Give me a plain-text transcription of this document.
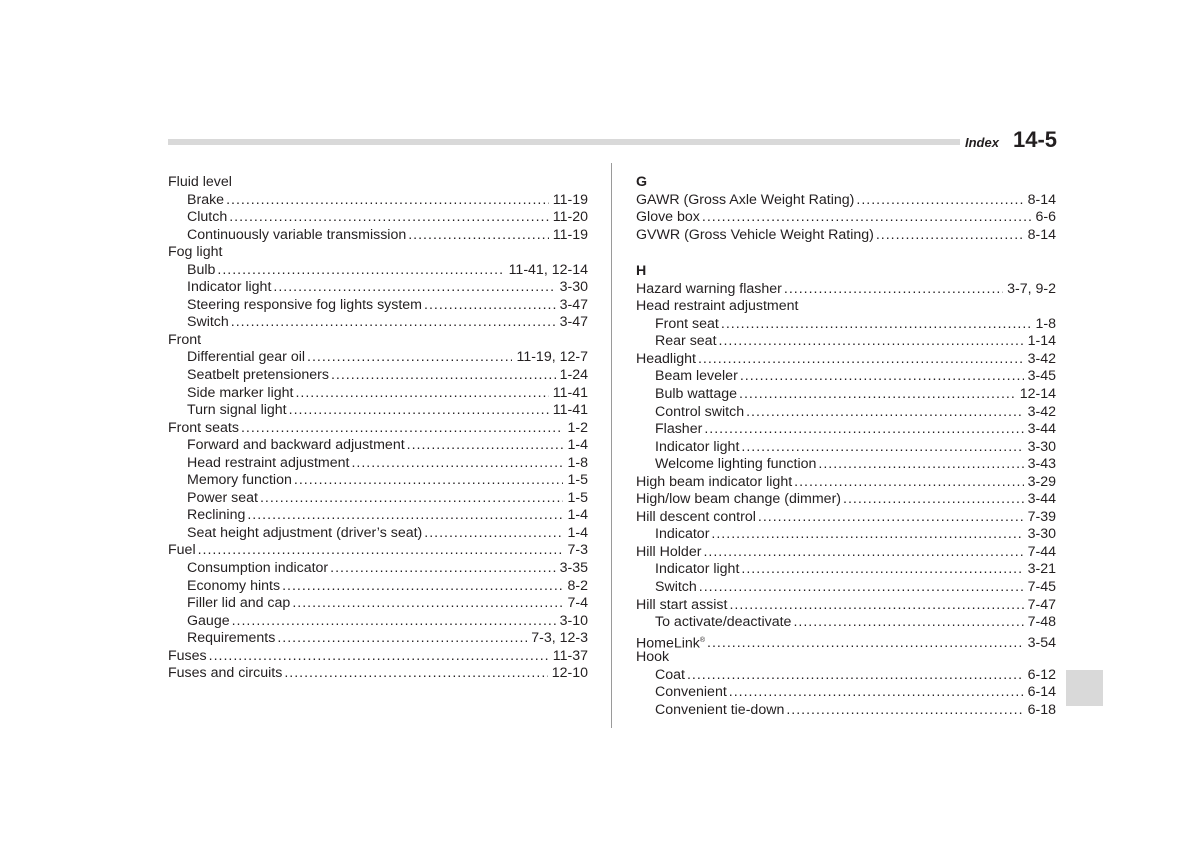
Index 14-5
Fluid level
Brake .....	11-19
Clutch .....	11-20
Continuously variable transmission .....	11-19
Fog light
Bulb .....	11-41, 12-14
Indicator light .....	3-30
Steering responsive fog lights system .....	3-47
Switch .....	3-47
Front
Differential gear oil .....	11-19, 12-7
Seatbelt pretensioners .....	1-24
Side marker light .....	11-41
Turn signal light .....	11-41
Front seats .....	1-2
Forward and backward adjustment .....	1-4
Head restraint adjustment .....	1-8
Memory function .....	1-5
Power seat .....	1-5
Reclining .....	1-4
Seat height adjustment (driver’s seat) .....	1-4
Fuel .....	7-3
Consumption indicator .....	3-35
Economy hints .....	8-2
Filler lid and cap .....	7-4
Gauge .....	3-10
Requirements .....	7-3, 12-3
Fuses .....	11-37
Fuses and circuits .....	12-10
G
GAWR (Gross Axle Weight Rating) .....	8-14
Glove box .....	6-6
GVWR (Gross Vehicle Weight Rating) .....	8-14
H
Hazard warning flasher .....	3-7, 9-2
Head restraint adjustment
Front seat .....	1-8
Rear seat .....	1-14
Headlight .....	3-42
Beam leveler .....	3-45
Bulb wattage .....	12-14
Control switch .....	3-42
Flasher .....	3-44
Indicator light .....	3-30
Welcome lighting function .....	3-43
High beam indicator light .....	3-29
High/low beam change (dimmer) .....	3-44
Hill descent control .....	7-39
Indicator .....	3-30
Hill Holder .....	7-44
Indicator light .....	3-21
Switch .....	7-45
Hill start assist .....	7-47
To activate/deactivate .....	7-48
HomeLink® .....	3-54
Hook
Coat .....	6-12
Convenient .....	6-14
Convenient tie-down .....	6-18
